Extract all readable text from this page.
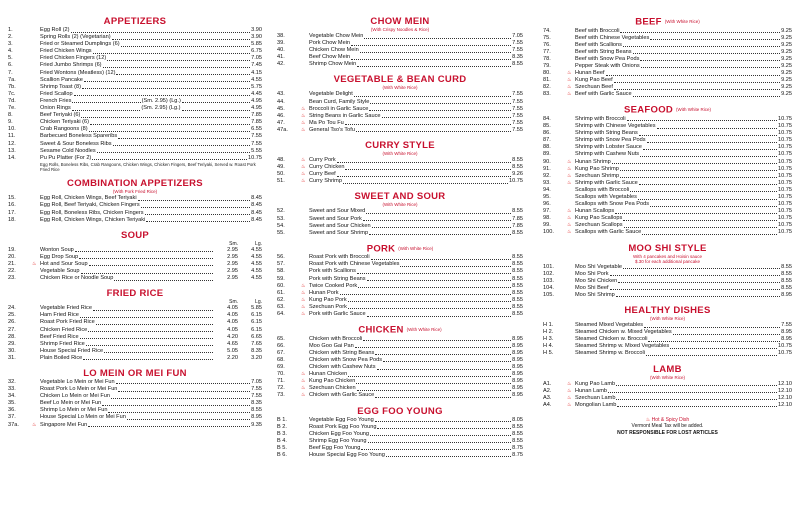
APPETIZERS
1.	Egg Roll (2)	3.90
2.	Spring Rolls (2) (Vegetarian)	3.90
3.	Fried or Steamed Dumplings (6)	5.85
4.	Fried Chicken Wings	6.75
5.	Fried Chicken Fingers (12)	7.05
6.	Fried Jumbo Shrimps (6)	7.45
7.	Fried Wontons (Meatless) (12)	4.15
7a.	Scallion Pancake	4.55
7b.	Shrimp Toast (8)	5.75
7c.	Fried Scallop	4.45
7d.	French Fries	(Sm. 2.95) (Lg.)	4.95
7e.	Onion Rings	(Sm. 2.95) (Lg.)	4.95
8.	Beef Teriyaki (6)	7.85
9.	Chicken Teriyaki (6)	7.85
10.	Crab Rangoons (8)	6.55
11.	Barbecued Boneless Spareribs	7.55
12.	Sweet & Sour Boneless Ribs	7.55
13.	Sesame Cold Noodles	5.55
14.	Pu Pu Platter (For 2)	10.75
Egg Rolls, Boneless Ribs, Crab Rangoons, Chicken Wings, Chicken Fingers, Beef Teriyaki, Served w. Roast Pork Fried Rice
COMBINATION APPETIZERS
(With Pork Fried Rice)
15.	Egg Roll, Chicken Wings, Beef Teriyaki	8.45
16.	Egg Roll, Beef Teriyaki, Chicken Fingers	8.45
17.	Egg Roll, Boneless Ribs, Chicken Fingers	8.45
18.	Egg Roll, Chicken Wings, Chicken Teriyaki	8.45
SOUP
Sm.	Lg.
19.	Wonton Soup	2.95	4.55
20.	Egg Drop Soup	2.95	4.55
21.	♨ Hot and Sour Soup	2.95	4.55
22.	Vegetable Soup	2.95	4.55
23.	Chicken Rice or Noodle Soup	2.95	4.55
FRIED RICE
Sm.	Lg.
24.	Vegetable Fried Rice	4.05	5.85
25.	Ham Fried Rice	4.05	6.15
26.	Roast Pork Fried Rice	4.05	6.15
27.	Chicken Fried Rice	4.05	6.15
28.	Beef Fried Rice	4.20	6.65
29.	Shrimp Fried Rice	4.65	7.65
30.	House Special Fried Rice	5.05	8.35
31.	Plain Boiled Rice	2.20	3.20
LO MEIN OR MEI FUN
32.	Vegetable Lo Mein or Mei Fun	7.05
33.	Roast Pork Lo Mein or Mei Fun	7.55
34.	Chicken Lo Mein or Mei Fun	7.55
35.	Beef Lo Mein or Mei Fun	8.35
36.	Shrimp Lo Mein or Mei Fun	8.55
37.	House Special Lo Mein or Mei Fun	8.95
37a.	♨ Singapore Mei Fun	9.35
CHOW MEIN
(With Crispy Noodles & Rice)
38.	Vegetable Chow Mein	7.05
39.	Pork Chow Mein	7.55
40.	Chicken Chow Mein	7.55
41.	Beef Chow Mein	8.35
42.	Shrimp Chow Mein	8.55
VEGETABLE & BEAN CURD
(With White Rice)
43.	Vegetable Delight	7.55
44.	Bean Curd, Family Style	7.55
45.	♨ Broccoli in Garlic Sauce	7.55
46.	♨ String Beans in Garlic Sauce	7.55
47.	♨ Ma Po Tou Fu	7.55
47a.	♨ General Tso's Tofu	7.55
CURRY STYLE
(With White Rice)
48.	♨ Curry Pork	8.55
49.	♨ Curry Chicken	8.55
50.	♨ Curry Beef	9.26
51.	♨ Curry Shrimp	10.75
SWEET AND SOUR
(With White Rice)
52.	Sweet and Sour Mixed	8.55
53.	Sweet and Sour Pork	7.85
54.	Sweet and Sour Chicken	7.85
55.	Sweet and Sour Shrimp	8.55
PORK (With White Rice)
56.	Roast Pork with Broccoli	8.55
57.	Roast Pork with Chinese Vegetables	8.55
58.	Pork with Scallions	8.55
59.	Pork with String Beans	8.55
60.	♨ Twice Cooked Pork	8.55
61.	♨ Hunan Pork	8.55
62.	♨ Kung Pao Pork	8.55
63.	♨ Szechuan Pork	8.55
64.	♨ Pork with Garlic Sauce	8.55
CHICKEN (With White Rice)
65.	Chicken with Broccoli	8.95
66.	Moo Goo Gai Pan	8.95
67.	Chicken with String Beans	8.95
68.	Chicken with Snow Pea Pods	8.95
69.	Chicken with Cashew Nuts	8.95
70.	♨ Hunan Chicken	8.95
71.	♨ Kung Pao Chicken	8.95
72.	♨ Szechuan Chicken	8.95
73.	♨ Chicken with Garlic Sauce	8.95
EGG FOO YOUNG
B 1.	Vegetable Egg Foo Young	8.05
B 2.	Roast Pork Egg Foo Young	8.55
B 3.	Chicken Egg Foo Young	8.55
B 4.	Shrimp Egg Foo Young	8.55
B 5.	Beef Egg Foo Young	8.75
B 6.	House Special Egg Foo Young	8.75
BEEF (With White Rice)
74.	Beef with Broccoli	9.25
75.	Beef with Chinese Vegetables	9.25
76.	Beef with Scallions	9.25
77.	Beef with String Beans	9.25
78.	Beef with Snow Pea Pods	9.25
79.	Pepper Steak with Onions	9.25
80.	♨ Hunan Beef	9.25
81.	♨ Kung Pao Beef	9.25
82.	♨ Szechuan Beef	9.25
83.	♨ Beef with Garlic Sauce	9.25
SEAFOOD (With White Rice)
84.	Shrimp with Broccoli	10.75
85.	Shrimp with Chinese Vegetables	10.75
86.	Shrimp with String Beans	10.75
87.	Shrimp with Snow Pea Pods	10.75
88.	Shrimp with Lobster Sauce	10.75
89.	Shrimp with Cashew Nuts	10.75
90.	♨ Hunan Shrimp	10.75
91.	♨ Kung Pao Shrimp	10.75
92.	♨ Szechuan Shrimp	10.75
93.	♨ Shrimp with Garlic Sauce	10.75
94.	Scallops with Broccoli	10.75
95.	Scallops with Vegetables	10.75
96.	Scallops with Snow Pea Pods	10.75
97.	♨ Hunan Scallops	10.75
98.	♨ Kung Pao Scallops	10.75
99.	♨ Szechuan Scallops	10.75
100.	♨ Scallops with Garlic Sauce	10.75
MOO SHI STYLE
With 4 pancakes and Hoisin sauce
$.30 for each additional pancake
101.	Moo Shi Vegetable	8.55
102.	Moo Shi Pork	8.55
103.	Moo Shi Chicken	8.55
104.	Moo Shi Beef	8.55
105.	Moo Shi Shrimp	8.95
HEALTHY DISHES
(With White Rice)
H 1.	Steamed Mixed Vegetables	7.55
H 2.	Steamed Chicken w. Mixed Vegetables	8.95
H 3.	Steamed Chicken w. Broccoli	8.95
H 4.	Steamed Shrimp w. Mixed Vegetables	10.75
H 5.	Steamed Shrimp w. Broccoli	10.75
LAMB
(With White Rice)
A1.	♨ Kung Pao Lamb	12.10
A2.	♨ Hunan Lamb	12.10
A3.	♨ Szechuan Lamb	12.10
A4.	♨ Mongolian Lamb	12.10
♨ Hot & Spicy Dish
Vermont Meal Tax will be added.
NOT RESPONSIBLE FOR LOST ARTICLES
